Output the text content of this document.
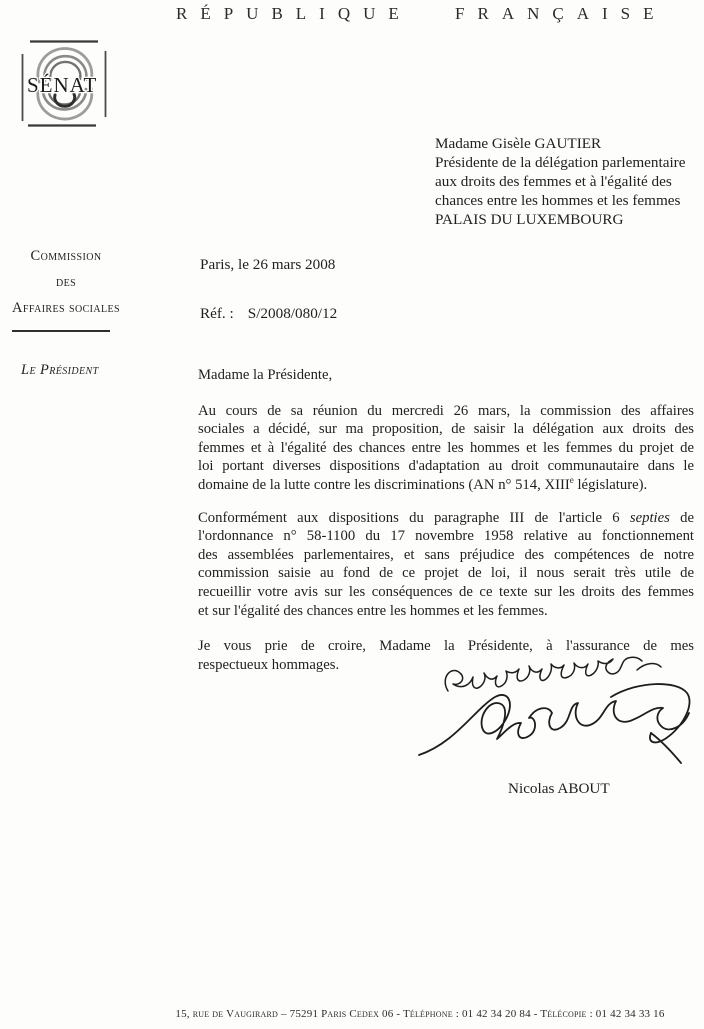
RÉPUBLIQUE FRANÇAISE
SÉNAT
Madame Gisèle GAUTIER
Présidente de la délégation parlementaire
aux droits des femmes et à l'égalité des
chances entre les hommes et les femmes
PALAIS DU LUXEMBOURG
Commission
des
Affaires sociales
Le Président
Paris, le 26 mars 2008
Réf. : S/2008/080/12
Madame la Présidente,
Au cours de sa réunion du mercredi 26 mars, la commission des affaires
sociales a décidé, sur ma proposition, de saisir la délégation aux droits des
femmes et à l'égalité des chances entre les hommes et les femmes du projet de
loi portant diverses dispositions d'adaptation au droit communautaire dans le
domaine de la lutte contre les discriminations (AN n° 514, XIIIe législature).
Conformément aux dispositions du paragraphe III de l'article 6 septies de
l'ordonnance n° 58-1100 du 17 novembre 1958 relative au fonctionnement
des assemblées parlementaires, et sans préjudice des compétences de notre
commission saisie au fond de ce projet de loi, il nous serait très utile de
recueillir votre avis sur les conséquences de ce texte sur les droits des femmes
et sur l'égalité des chances entre les hommes et les femmes.
Je vous prie de croire, Madame la Présidente, à l'assurance de mes
respectueux hommages.
Nicolas ABOUT
15, rue de Vaugirard – 75291 Paris Cedex 06 - Téléphone : 01 42 34 20 84 - Télécopie : 01 42 34 33 16
